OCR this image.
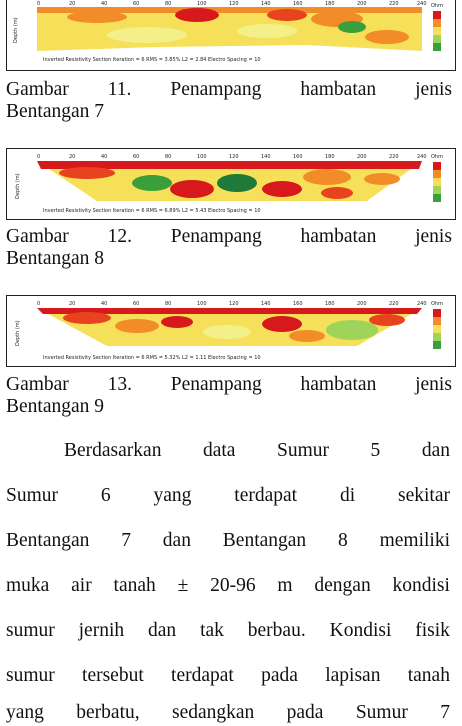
0	20	40	60	80	100	120	140	160	180	200	220	240
Depth (m)
Inverted Resistivity Section Iteration = 6 RMS = 3.85% L2 = 2.84 Electro Spacing = 10
Ohm
Gambar 11. Penampang hambatan jenis
Bentangan 7
0	20	40	60	80	100	120	140	160	180	200	220	240
Depth (m)
Inverted Resistivity Section Iteration = 6 RMS = 6.89% L2 = 5.43 Electro Spacing = 10
Ohm
Gambar 12. Penampang hambatan jenis
Bentangan 8
0	20	40	60	80	100	120	140	160	180	200	220	240
Depth (m)
Inverted Resistivity Section Iteration = 6 RMS = 5.32% L2 = 1.11 Electro Spacing = 10
Ohm
Gambar 13. Penampang hambatan jenis
Bentangan 9
Berdasarkan data Sumur 5 dan
Sumur 6 yang terdapat di sekitar
Bentangan 7 dan Bentangan 8 memiliki
muka air tanah ± 20-96 m dengan kondisi
sumur jernih dan tak berbau. Kondisi fisik
sumur tersebut terdapat pada lapisan tanah
yang berbatu, sedangkan pada Sumur 7
